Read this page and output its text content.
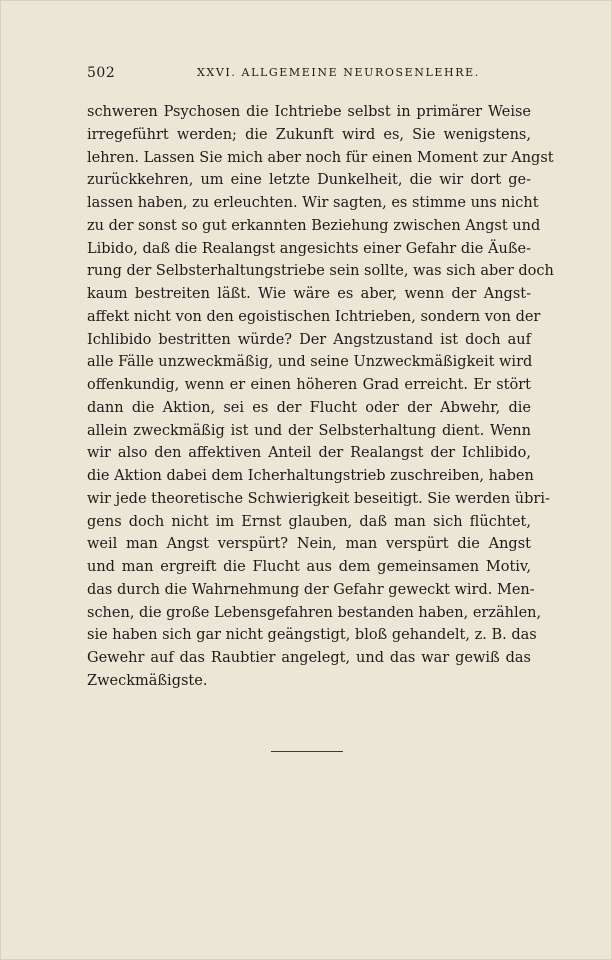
502	XXVI. ALLGEMEINE NEUROSENLEHRE.
schweren Psychosen die Ichtriebe selbst in primärer Weise
irregeführt werden; die Zukunft wird es, Sie wenigstens,
lehren. Lassen Sie mich aber noch für einen Moment zur Angst
zurückkehren, um eine letzte Dunkelheit, die wir dort ge-
lassen haben, zu erleuchten. Wir sagten, es stimme uns nicht
zu der sonst so gut erkannten Beziehung zwischen Angst und
Libido, daß die Realangst angesichts einer Gefahr die Äuße-
rung der Selbsterhaltungstriebe sein sollte, was sich aber doch
kaum bestreiten läßt. Wie wäre es aber, wenn der Angst-
affekt nicht von den egoistischen Ichtrieben, sondern von der
Ichlibido bestritten würde? Der Angstzustand ist doch auf
alle Fälle unzweckmäßig, und seine Unzweckmäßigkeit wird
offenkundig, wenn er einen höheren Grad erreicht. Er stört
dann die Aktion, sei es der Flucht oder der Abwehr, die
allein zweckmäßig ist und der Selbsterhaltung dient. Wenn
wir also den affektiven Anteil der Realangst der Ichlibido,
die Aktion dabei dem Icherhaltungstrieb zuschreiben, haben
wir jede theoretische Schwierigkeit beseitigt. Sie werden übri-
gens doch nicht im Ernst glauben, daß man sich flüchtet,
weil man Angst verspürt? Nein, man verspürt die Angst
und man ergreift die Flucht aus dem gemeinsamen Motiv,
das durch die Wahrnehmung der Gefahr geweckt wird. Men-
schen, die große Lebensgefahren bestanden haben, erzählen,
sie haben sich gar nicht geängstigt, bloß gehandelt, z. B. das
Gewehr auf das Raubtier angelegt, und das war gewiß das
Zweckmäßigste.
